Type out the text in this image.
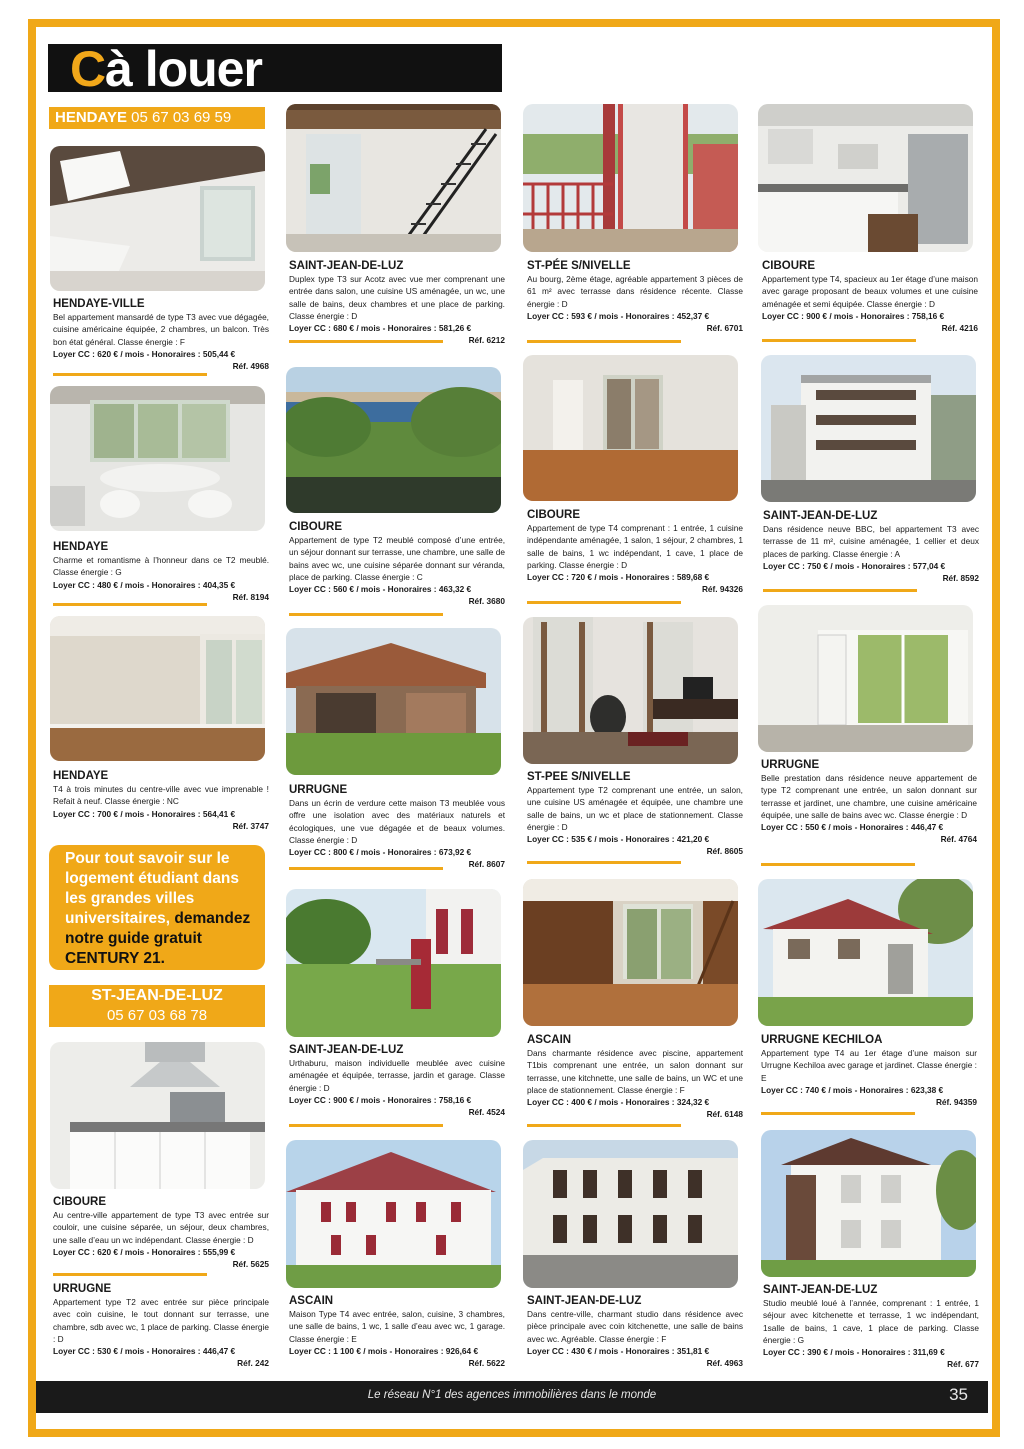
C à louer
HENDAYE 05 67 03 69 59
HENDAYE-VILLE
Bel appartement mansardé de type T3 avec vue dégagée, cuisine américaine équipée, 2 chambres, un balcon. Très bon état général. Classe énergie : F
Loyer CC : 620 € / mois - Honoraires : 505,44 €
Réf. 4968
HENDAYE
Charme et romantisme à l’honneur dans ce T2 meublé. Classe énergie : G
Loyer CC : 480 € / mois - Honoraires : 404,35 €
Réf. 8194
HENDAYE
T4 à trois minutes du centre-ville avec vue imprenable ! Refait à neuf. Classe énergie : NC
Loyer CC : 700 € / mois - Honoraires : 564,41 €
Réf. 3747
Pour tout savoir sur le logement étudiant dans les grandes villes universitaires, demandez notre guide gratuit CENTURY 21.
ST-JEAN-DE-LUZ
05 67 03 68 78
CIBOURE
Au centre-ville appartement de type T3 avec entrée sur couloir, une cuisine séparée, un séjour, deux chambres, une salle d’eau un wc indépendant. Classe énergie : D
Loyer CC : 620 € / mois - Honoraires : 555,99 €
Réf. 5625
URRUGNE
Appartement type T2 avec entrée sur pièce principale avec coin cuisine, le tout donnant sur terrasse, une chambre, sdb avec wc, 1 place de parking. Classe énergie : D
Loyer CC : 530 € / mois - Honoraires : 446,47 €
Réf. 242
SAINT-JEAN-DE-LUZ
Duplex type T3 sur Acotz avec vue mer comprenant une entrée dans salon, une cuisine US aménagée, un wc, une salle de bains, deux chambres et une place de parking. Classe énergie : D
Loyer CC : 680 € / mois - Honoraires : 581,26 €
Réf. 6212
CIBOURE
Appartement de type T2 meublé composé d’une entrée, un séjour donnant sur terrasse, une chambre, une salle de bains avec wc, une cuisine séparée donnant sur véranda, place de parking. Classe énergie : C
Loyer CC : 560 € / mois - Honoraires : 463,32 €
Réf. 3680
URRUGNE
Dans un écrin de verdure cette maison T3 meublée vous offre une isolation avec des matériaux naturels et écologiques, une vue dégagée et de beaux volumes. Classe énergie : D
Loyer CC : 800 € / mois - Honoraires : 673,92 €
Réf. 8607
SAINT-JEAN-DE-LUZ
Urthaburu, maison individuelle meublée avec cuisine aménagée et équipée, terrasse, jardin et garage. Classe énergie : D
Loyer CC : 900 € / mois - Honoraires : 758,16 €
Réf. 4524
ASCAIN
Maison Type T4 avec entrée, salon, cuisine, 3 chambres, une salle de bains, 1 wc, 1 salle d’eau avec wc, 1 garage. Classe énergie : E
Loyer CC : 1 100 € / mois - Honoraires : 926,64 €
Réf. 5622
ST-PÉE S/NIVELLE
Au bourg, 2ème étage, agréable appartement 3 pièces de 61 m² avec terrasse dans résidence récente. Classe énergie : D
Loyer CC : 593 € / mois - Honoraires : 452,37 €
Réf. 6701
CIBOURE
Appartement de type T4 comprenant : 1 entrée, 1 cuisine indépendante aménagée, 1 salon, 1 séjour, 2 chambres, 1 salle de bains, 1 wc indépendant, 1 cave, 1 place de parking. Classe énergie : D
Loyer CC : 720 € / mois - Honoraires : 589,68 €
Réf. 94326
ST-PEE S/NIVELLE
Appartement type T2 comprenant une entrée, un salon, une cuisine US aménagée et équipée, une chambre une salle de bains, un wc et place de stationnement. Classe énergie : D
Loyer CC : 535 € / mois - Honoraires : 421,20 €
Réf. 8605
ASCAIN
Dans charmante résidence avec piscine, appartement T1bis comprenant une entrée, un salon donnant sur terrasse, une kitchnette, une salle de bains, un WC et une place de stationnement. Classe énergie : F
Loyer CC : 400 € / mois - Honoraires : 324,32 €
Réf. 6148
SAINT-JEAN-DE-LUZ
Dans centre-ville, charmant studio dans résidence avec pièce principale avec coin kitchenette, une salle de bains avec wc. Agréable. Classe énergie : F
Loyer CC : 430 € / mois - Honoraires : 351,81 €
Réf. 4963
CIBOURE
Appartement type T4, spacieux au 1er étage d’une maison avec garage proposant de beaux volumes et une cuisine aménagée et semi équipée. Classe énergie : D
Loyer CC : 900 € / mois - Honoraires : 758,16 €
Réf. 4216
SAINT-JEAN-DE-LUZ
Dans résidence neuve BBC, bel appartement T3 avec terrasse de 11 m², cuisine aménagée, 1 cellier et deux places de parking. Classe énergie : A
Loyer CC : 750 € / mois - Honoraires : 577,04 €
Réf. 8592
URRUGNE
Belle prestation dans résidence neuve appartement de type T2 comprenant une entrée, un salon donnant sur terrasse et jardinet, une chambre, une cuisine américaine équipée, une salle de bains avec wc. Classe énergie : D
Loyer CC : 550 € / mois - Honoraires : 446,47 €
Réf. 4764
URRUGNE KECHILOA
Appartement type T4 au 1er étage d’une maison sur Urrugne Kechiloa avec garage et jardinet. Classe énergie : E
Loyer CC : 740 € / mois - Honoraires : 623,38 €
Réf. 94359
SAINT-JEAN-DE-LUZ
Studio meublé loué à l’année, comprenant : 1 entrée, 1 séjour avec kitchenette et terrasse, 1 wc indépendant, 1salle de bains, 1 cave, 1 place de parking. Classe énergie : G
Loyer CC : 390 € / mois - Honoraires : 311,69 €
Réf. 677
Le réseau N°1 des agences immobilières dans le monde	35
